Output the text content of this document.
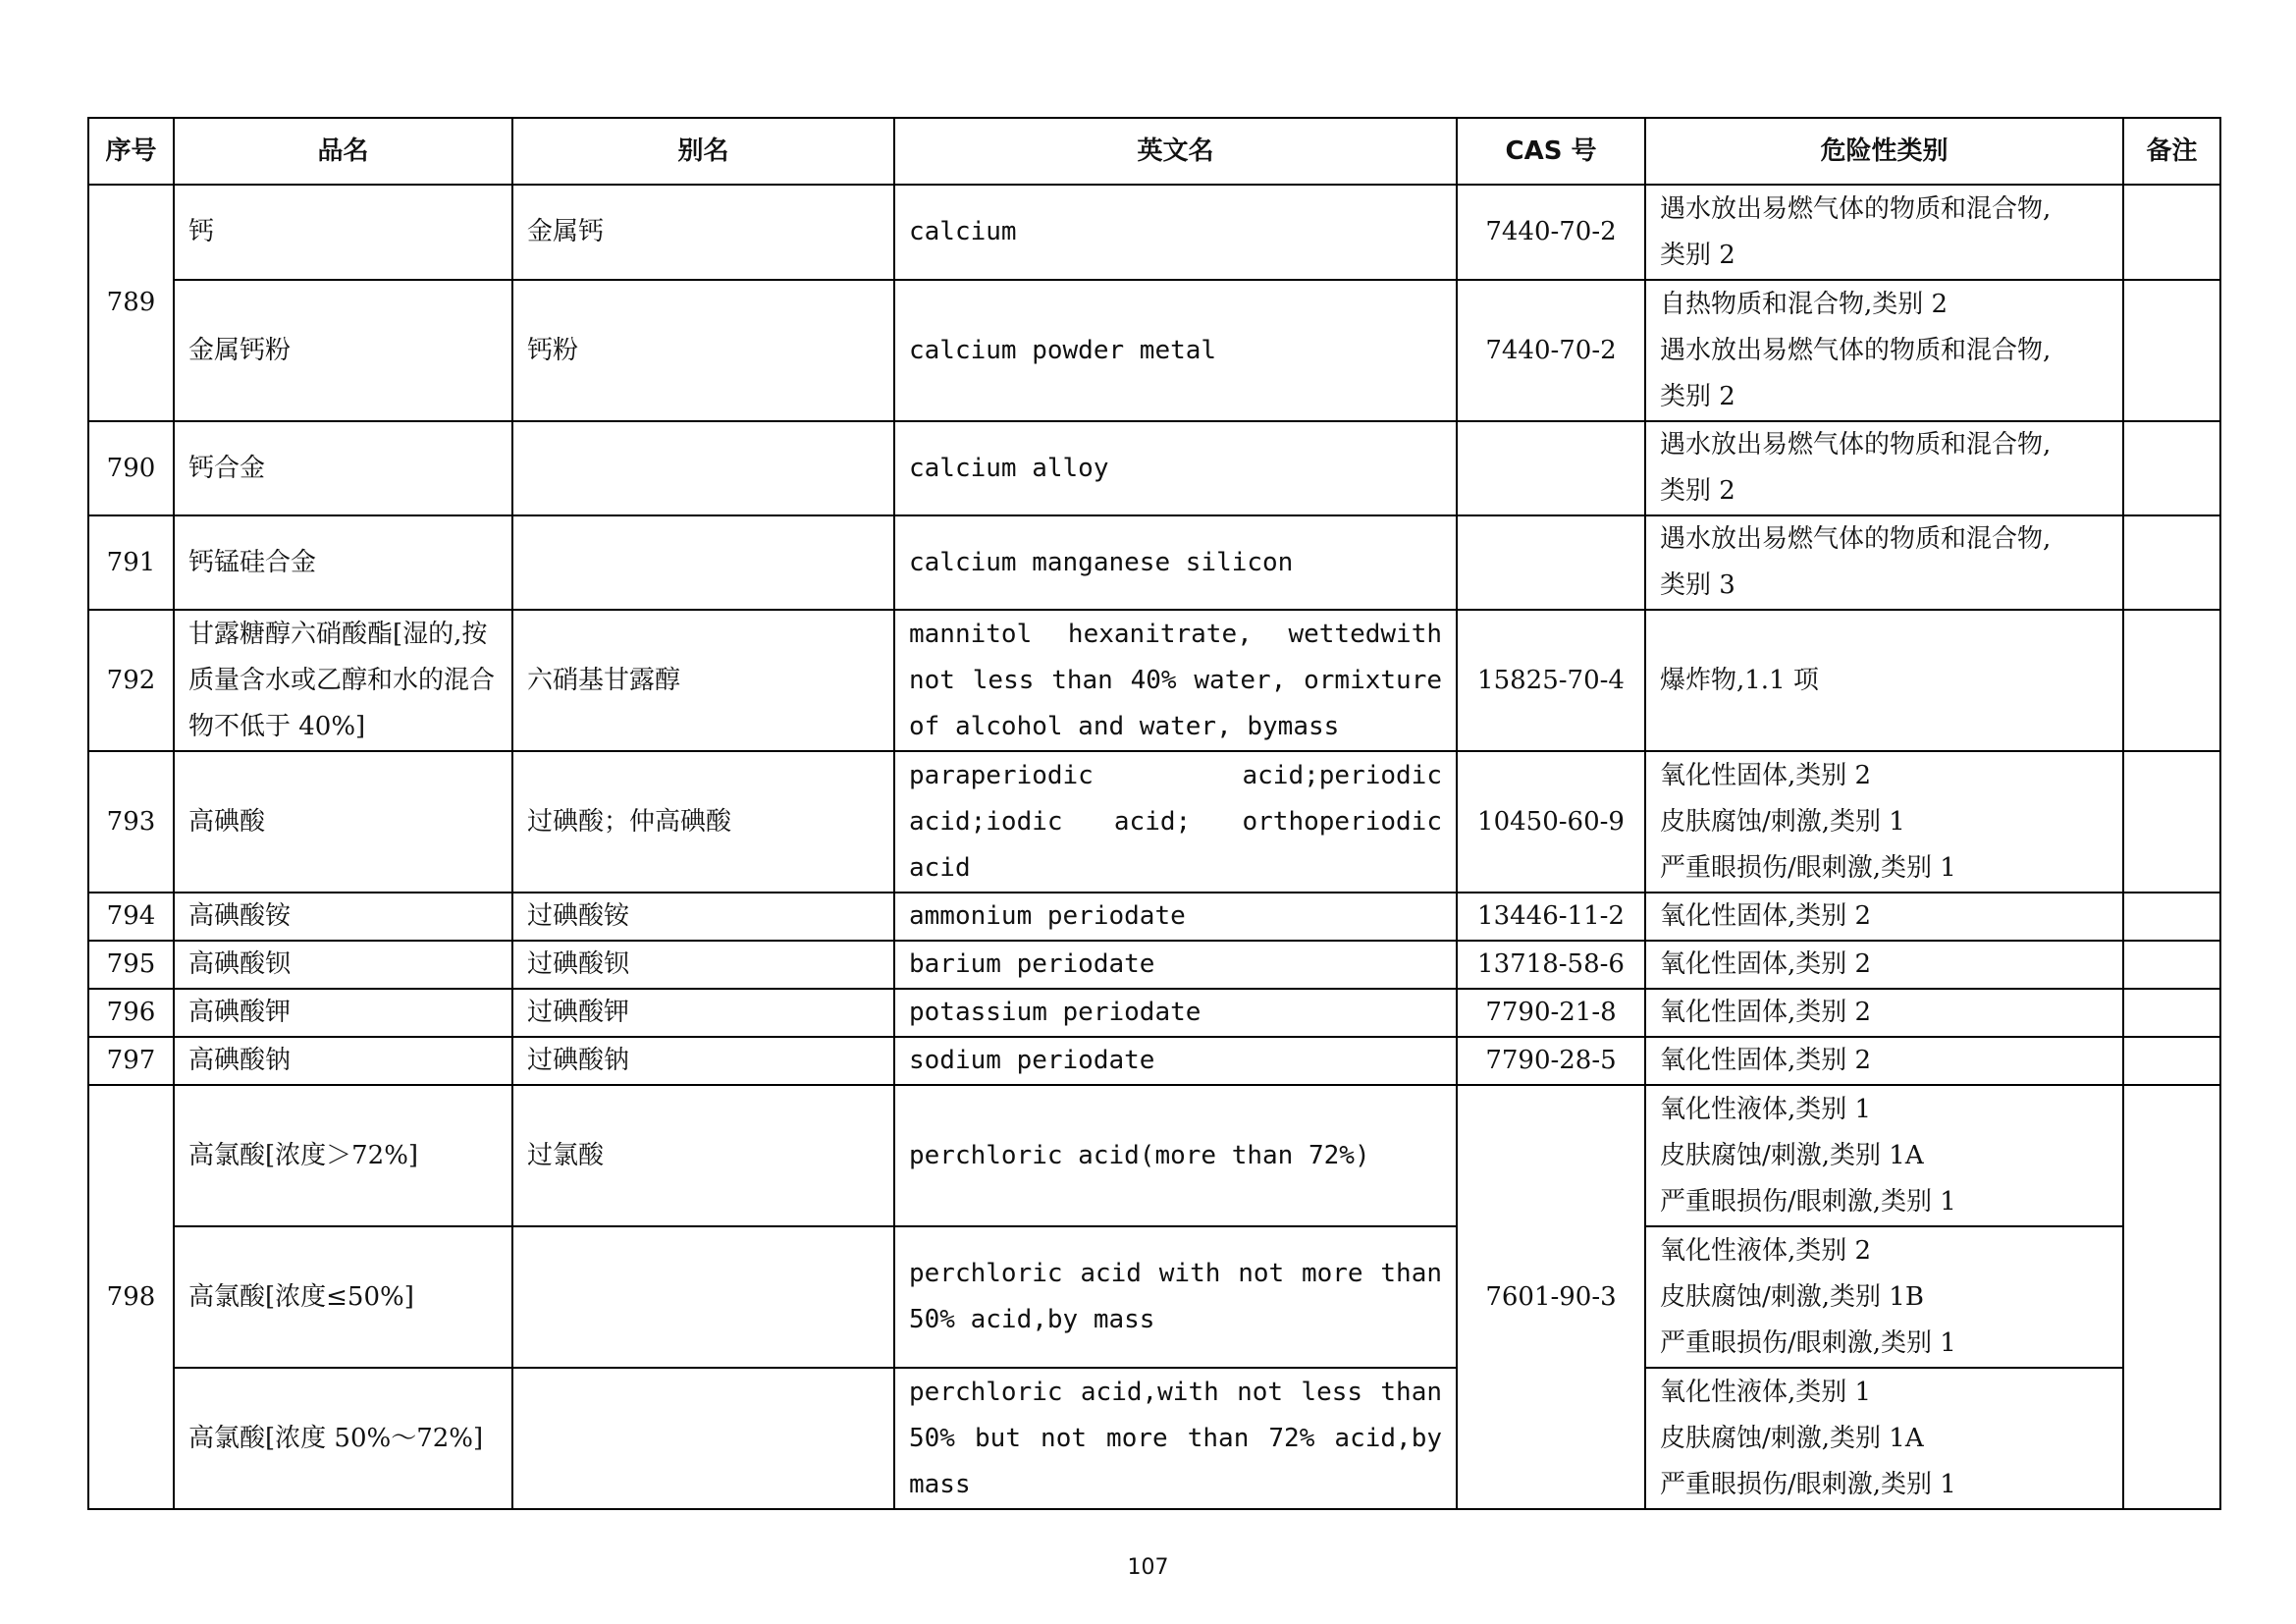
序号	品名	别名	英文名	CAS 号	危险性类别	备注
789	钙	金属钙	calcium	7440-70-2	遇水放出易燃气体的物质和混合物,
类别 2	

	金属钙粉	钙粉	calcium powder metal	7440-70-2	自热物质和混合物,类别 2
遇水放出易燃气体的物质和混合物,
类别 2	

790	钙合金		calcium alloy		遇水放出易燃气体的物质和混合物,
类别 2	

791	钙锰硅合金		calcium manganese silicon		遇水放出易燃气体的物质和混合物,
类别 3	

792	甘露糖醇六硝酸酯[湿的,按质量含水或乙醇和水的混合物不低于 40%]	六硝基甘露醇	mannitol hexanitrate, wettedwith not less than 40% water, ormixture of alcohol and water, bymass	15825-70-4	爆炸物,1.1 项	

793	高碘酸	过碘酸；仲高碘酸	paraperiodic acid;periodic acid;iodic acid; orthoperiodic acid	10450-60-9	氧化性固体,类别 2
皮肤腐蚀/刺激,类别 1
严重眼损伤/眼刺激,类别 1	

794	高碘酸铵	过碘酸铵	ammonium periodate	13446-11-2	氧化性固体,类别 2	
795	高碘酸钡	过碘酸钡	barium periodate	13718-58-6	氧化性固体,类别 2	
796	高碘酸钾	过碘酸钾	potassium periodate	7790-21-8	氧化性固体,类别 2	
797	高碘酸钠	过碘酸钠	sodium periodate	7790-28-5	氧化性固体,类别 2	
798	高氯酸[浓度＞72%]	过氯酸	perchloric acid(more than 72%)	7601-90-3	氧化性液体,类别 1
皮肤腐蚀/刺激,类别 1A
严重眼损伤/眼刺激,类别 1	

	高氯酸[浓度≤50%]		perchloric acid with not more than 50% acid,by mass		氧化性液体,类别 2
皮肤腐蚀/刺激,类别 1B
严重眼损伤/眼刺激,类别 1	

	高氯酸[浓度 50%～72%]		perchloric acid,with not less than 50% but not more than 72% acid,by mass		氧化性液体,类别 1
皮肤腐蚀/刺激,类别 1A
严重眼损伤/眼刺激,类别 1	
107
